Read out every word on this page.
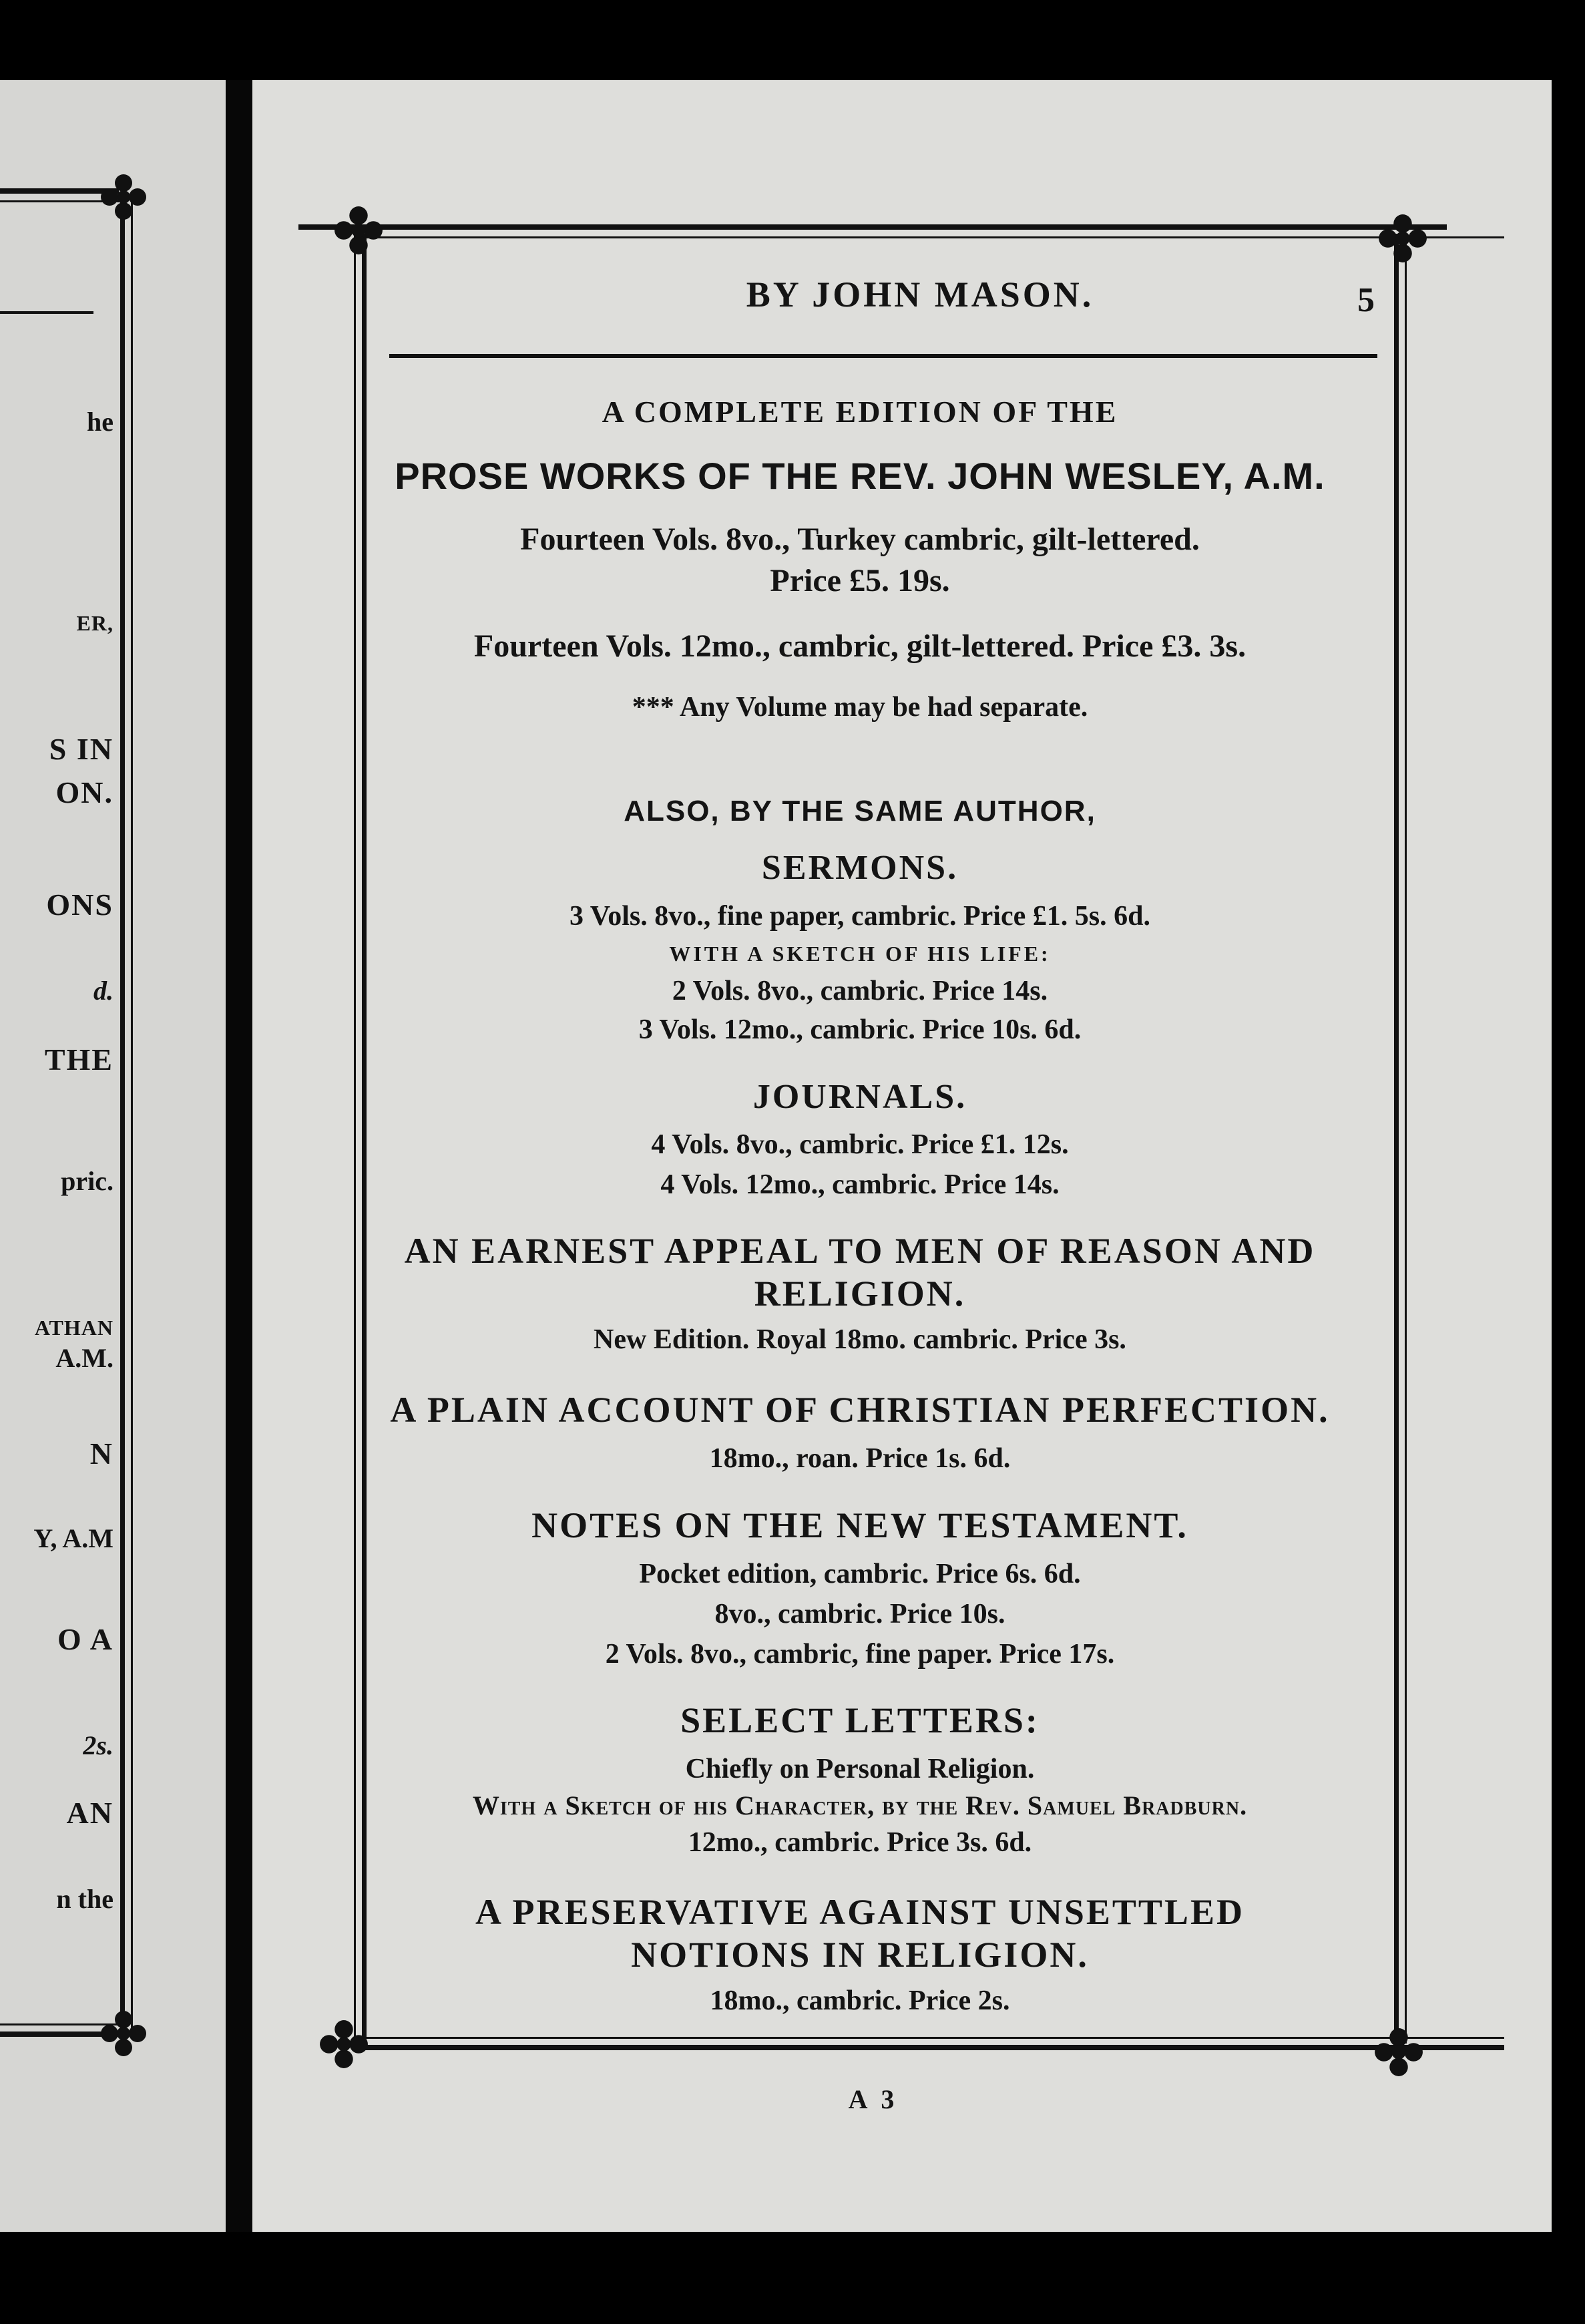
he

ER,

S IN

ON.

ONS

d.

THE

pric.

ATHAN

A.M.

N

Y, A.M

O A

2s.

AN

n the

BY JOHN MASON.	5

A COMPLETE EDITION OF THE

PROSE WORKS OF THE REV. JOHN WESLEY, A.M.

Fourteen Vols. 8vo., Turkey cambric, gilt-lettered.

Price £5. 19s.

Fourteen Vols. 12mo., cambric, gilt-lettered. Price £3. 3s.

*** Any Volume may be had separate.

ALSO, BY THE SAME AUTHOR,

SERMONS.

3 Vols. 8vo., fine paper, cambric. Price £1. 5s. 6d.

WITH A SKETCH OF HIS LIFE:

2 Vols. 8vo., cambric. Price 14s.

3 Vols. 12mo., cambric. Price 10s. 6d.

JOURNALS.

4 Vols. 8vo., cambric. Price £1. 12s.

4 Vols. 12mo., cambric. Price 14s.

AN EARNEST APPEAL TO MEN OF REASON AND

RELIGION.

New Edition. Royal 18mo. cambric. Price 3s.

A PLAIN ACCOUNT OF CHRISTIAN PERFECTION.

18mo., roan. Price 1s. 6d.

NOTES ON THE NEW TESTAMENT.

Pocket edition, cambric. Price 6s. 6d.

8vo., cambric. Price 10s.

2 Vols. 8vo., cambric, fine paper. Price 17s.

SELECT LETTERS:

Chiefly on Personal Religion.

With a Sketch of his Character, by the Rev. Samuel Bradburn.

12mo., cambric. Price 3s. 6d.

A PRESERVATIVE AGAINST UNSETTLED

NOTIONS IN RELIGION.

18mo., cambric. Price 2s.

A 3
